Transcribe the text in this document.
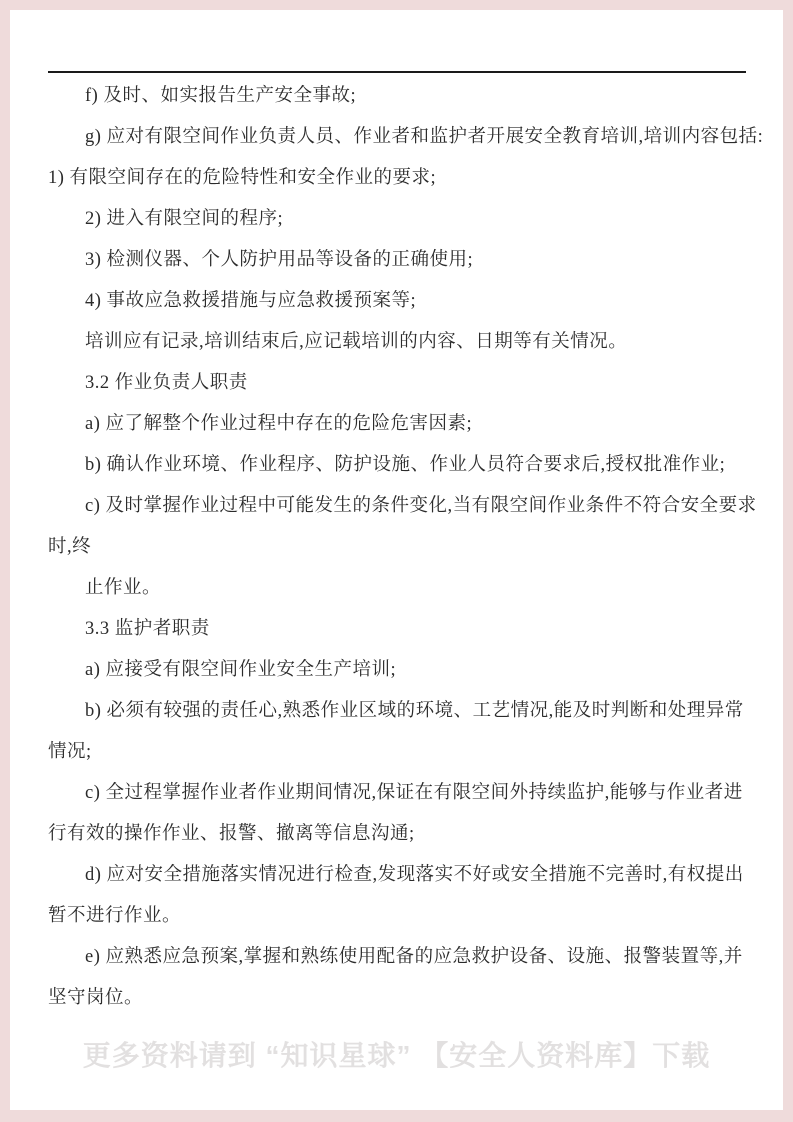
f) 及时、如实报告生产安全事故;
g) 应对有限空间作业负责人员、作业者和监护者开展安全教育培训,培训内容包括:
1) 有限空间存在的危险特性和安全作业的要求;
2) 进入有限空间的程序;
3) 检测仪器、个人防护用品等设备的正确使用;
4) 事故应急救援措施与应急救援预案等;
培训应有记录,培训结束后,应记载培训的内容、日期等有关情况。
3.2 作业负责人职责
a) 应了解整个作业过程中存在的危险危害因素;
b) 确认作业环境、作业程序、防护设施、作业人员符合要求后,授权批准作业;
c) 及时掌握作业过程中可能发生的条件变化,当有限空间作业条件不符合安全要求
时,终
止作业。
3.3 监护者职责
a) 应接受有限空间作业安全生产培训;
b) 必须有较强的责任心,熟悉作业区域的环境、工艺情况,能及时判断和处理异常
情况;
c) 全过程掌握作业者作业期间情况,保证在有限空间外持续监护,能够与作业者进
行有效的操作作业、报警、撤离等信息沟通;
d) 应对安全措施落实情况进行检查,发现落实不好或安全措施不完善时,有权提出
暂不进行作业。
e) 应熟悉应急预案,掌握和熟练使用配备的应急救护设备、设施、报警装置等,并
坚守岗位。
更多资料请到 “知识星球” 【安全人资料库】下载
